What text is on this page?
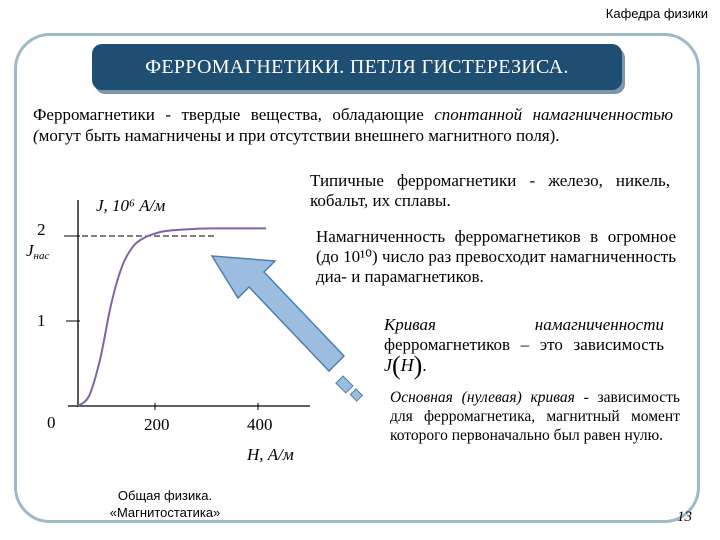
Кафедра физики
ФЕРРОМАГНЕТИКИ. ПЕТЛЯ ГИСТЕРЕЗИСА.
Ферромагнетики - твердые вещества, обладающие спонтанной намагниченностью (могут быть намагничены и при отсутствии внешнего магнитного поля).
Типичные ферромагнетики - железо, никель, кобальт, их сплавы.
Намагниченность ферромагнетиков в огромное (до 10¹⁰) число раз превосходит намагниченность диа- и парамагнетиков.
Кривая намагниченности ферромагнетиков – это зависимость J(H).
Основная (нулевая) кривая - зависимость для ферромагнетика, магнитный момент которого первоначально был равен нулю.
J, 10⁶ А/м
2
1
Jнас
0	200	400
H, А/м
Общая физика.
«Магнитостатика»	13
